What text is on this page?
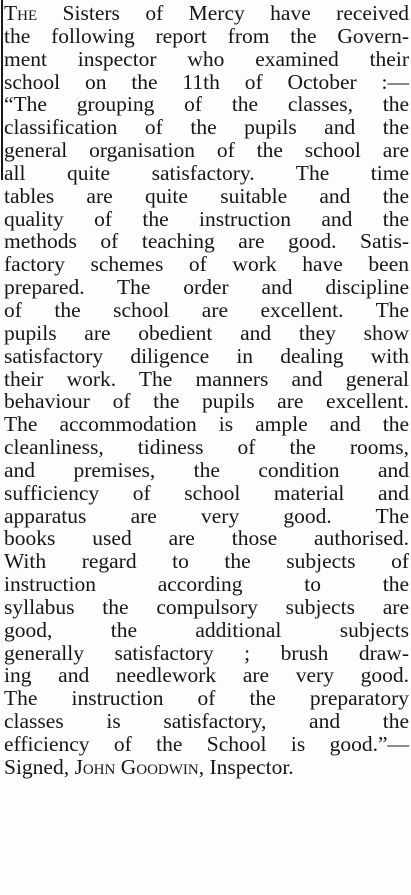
The Sisters of Mercy have received
the following report from the Govern-
ment inspector who examined their
school on the 11th of October :—
“The grouping of the classes, the
classification of the pupils and the
general organisation of the school are
all quite satisfactory. The time
tables are quite suitable and the
quality of the instruction and the
methods of teaching are good. Satis-
factory schemes of work have been
prepared. The order and discipline
of the school are excellent. The
pupils are obedient and they show
satisfactory diligence in dealing with
their work. The manners and general
behaviour of the pupils are excellent.
The accommodation is ample and the
cleanliness, tidiness of the rooms,
and premises, the condition and
sufficiency of school material and
apparatus are very good. The
books used are those authorised.
With regard to the subjects of
instruction according to the
syllabus the compulsory subjects are
good, the additional subjects
generally satisfactory ; brush draw-
ing and needlework are very good.
The instruction of the preparatory
classes is satisfactory, and the
efficiency of the School is good.”—
Signed, John Goodwin, Inspector.
